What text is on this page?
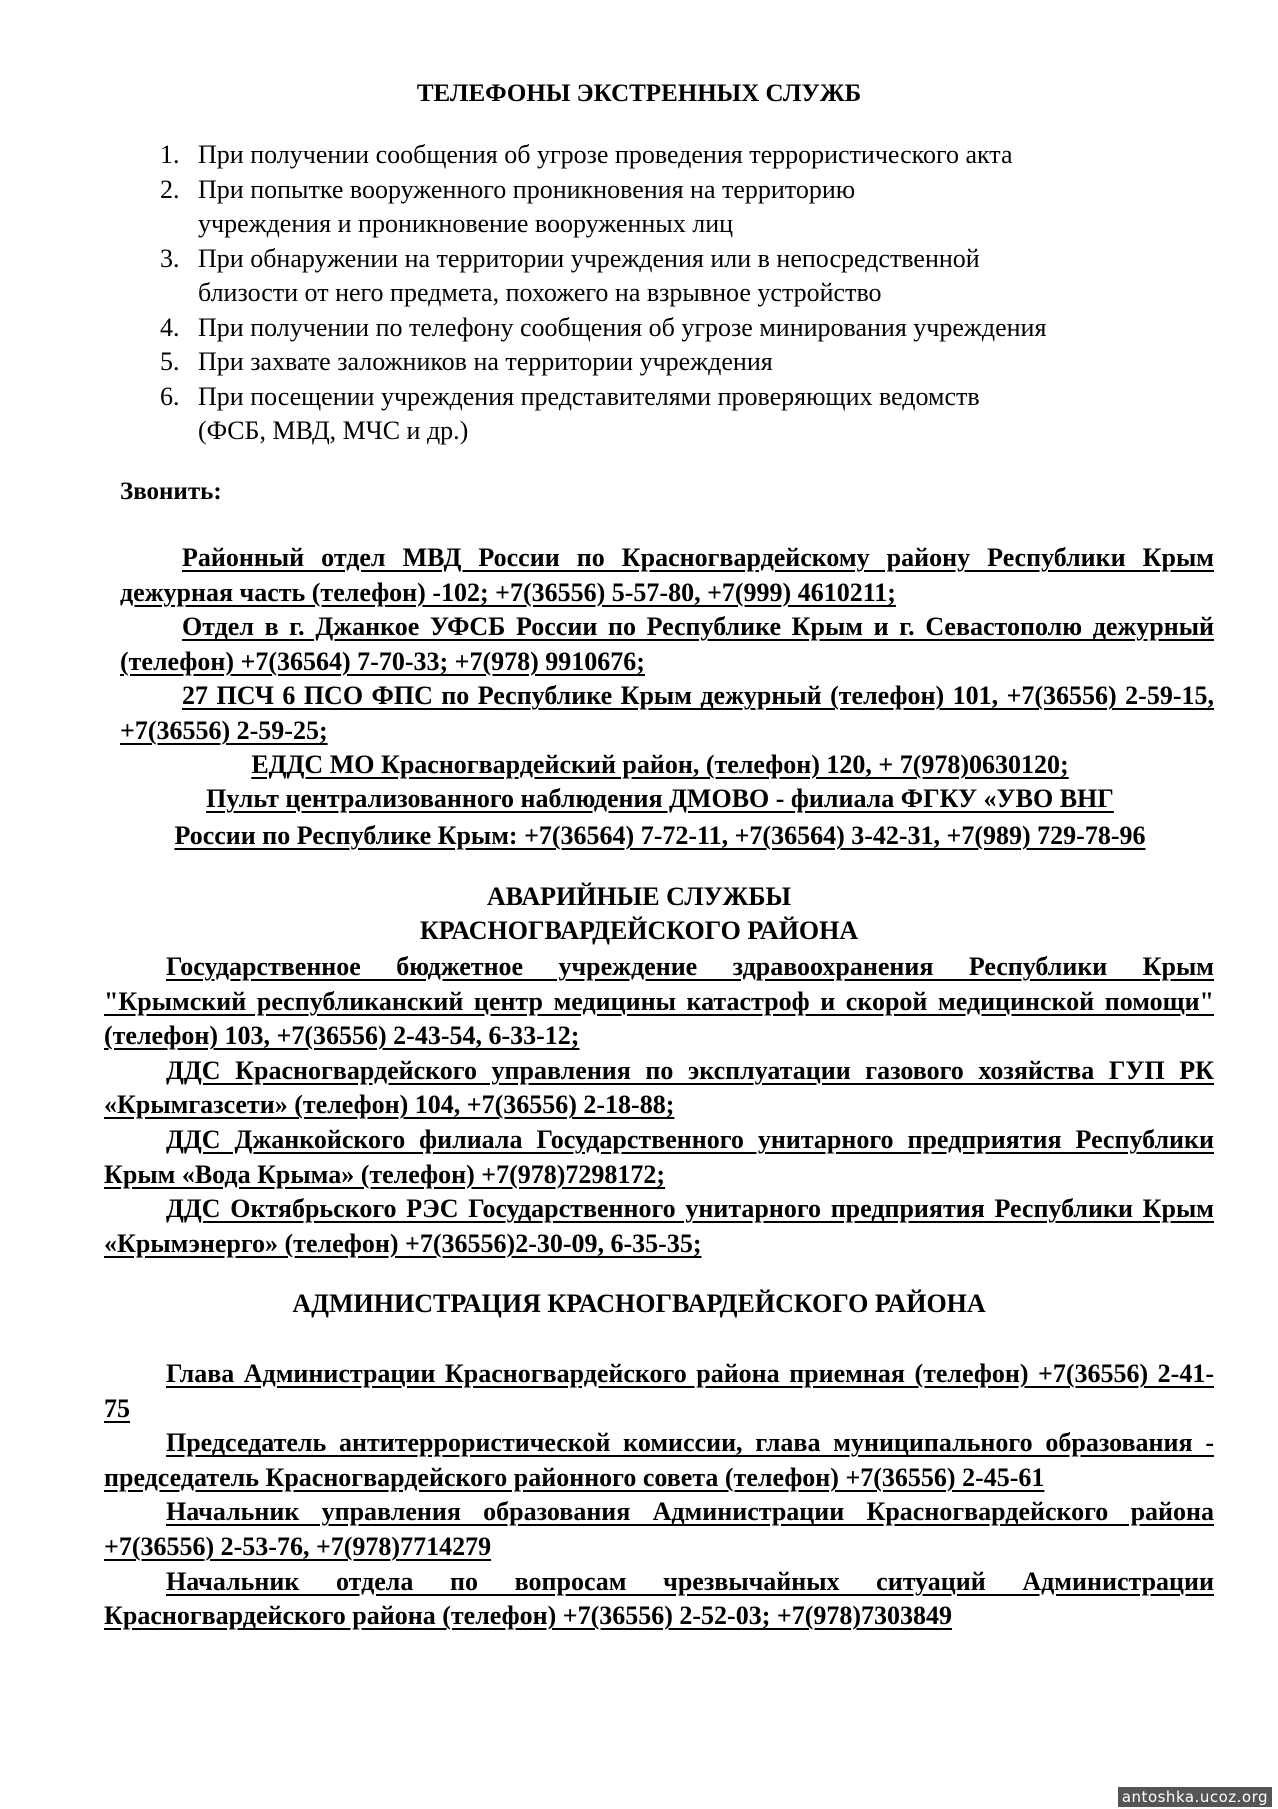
ТЕЛЕФОНЫ ЭКСТРЕННЫХ СЛУЖБ
1. При получении сообщения об угрозе проведения террористического акта
2. При попытке вооруженного проникновения на территорию
учреждения и проникновение вооруженных лиц
3. При обнаружении на территории учреждения или в непосредственной
близости от него предмета, похожего на взрывное устройство
4. При получении по телефону сообщения об угрозе минирования учреждения
5. При захвате заложников на территории учреждения
6. При посещении учреждения представителями проверяющих ведомств
(ФСБ, МВД, МЧС и др.)
Звонить:

Районный отдел МВД России по Красногвардейскому району Республики Крым дежурная часть (телефон) -102; +7(36556) 5-57-80, +7(999) 4610211;

Отдел в г. Джанкое УФСБ России по Республике Крым и г. Севастополю дежурный (телефон) +7(36564) 7-70-33; +7(978) 9910676;

27 ПСЧ 6 ПСО ФПС по Республике Крым дежурный (телефон) 101, +7(36556) 2-59-15, +7(36556) 2-59-25;

ЕДДС МО Красногвардейский район, (телефон) 120, + 7(978)0630120;
Пульт централизованного наблюдения ДМОВО - филиала ФГКУ «УВО ВНГ
России по Республике Крым: +7(36564) 7-72-11, +7(36564) 3-42-31, +7(989) 729-78-96
АВАРИЙНЫЕ СЛУЖБЫ
КРАСНОГВАРДЕЙСКОГО РАЙОНА

Государственное бюджетное учреждение здравоохранения Республики Крым "Крымский республиканский центр медицины катастроф и скорой медицинской помощи" (телефон) 103, +7(36556) 2-43-54, 6-33-12;

ДДС Красногвардейского управления по эксплуатации газового хозяйства ГУП РК «Крымгазсети» (телефон) 104, +7(36556) 2-18-88;

ДДС Джанкойского филиала Государственного унитарного предприятия Республики Крым «Вода Крыма» (телефон) +7(978)7298172;

ДДС Октябрьского РЭС Государственного унитарного предприятия Республики Крым «Крымэнерго» (телефон) +7(36556)2-30-09, 6-35-35;

АДМИНИСТРАЦИЯ КРАСНОГВАРДЕЙСКОГО РАЙОНА

Глава Администрации Красногвардейского района приемная (телефон) +7(36556) 2-41-75

Председатель антитеррористической комиссии, глава муниципального образования - председатель Красногвардейского районного совета (телефон) +7(36556) 2-45-61

Начальник управления образования Администрации Красногвардейского района +7(36556) 2-53-76, +7(978)7714279

Начальник отдела по вопросам чрезвычайных ситуаций Администрации Красногвардейского района (телефон) +7(36556) 2-52-03; +7(978)7303849

antoshka.ucoz.org
